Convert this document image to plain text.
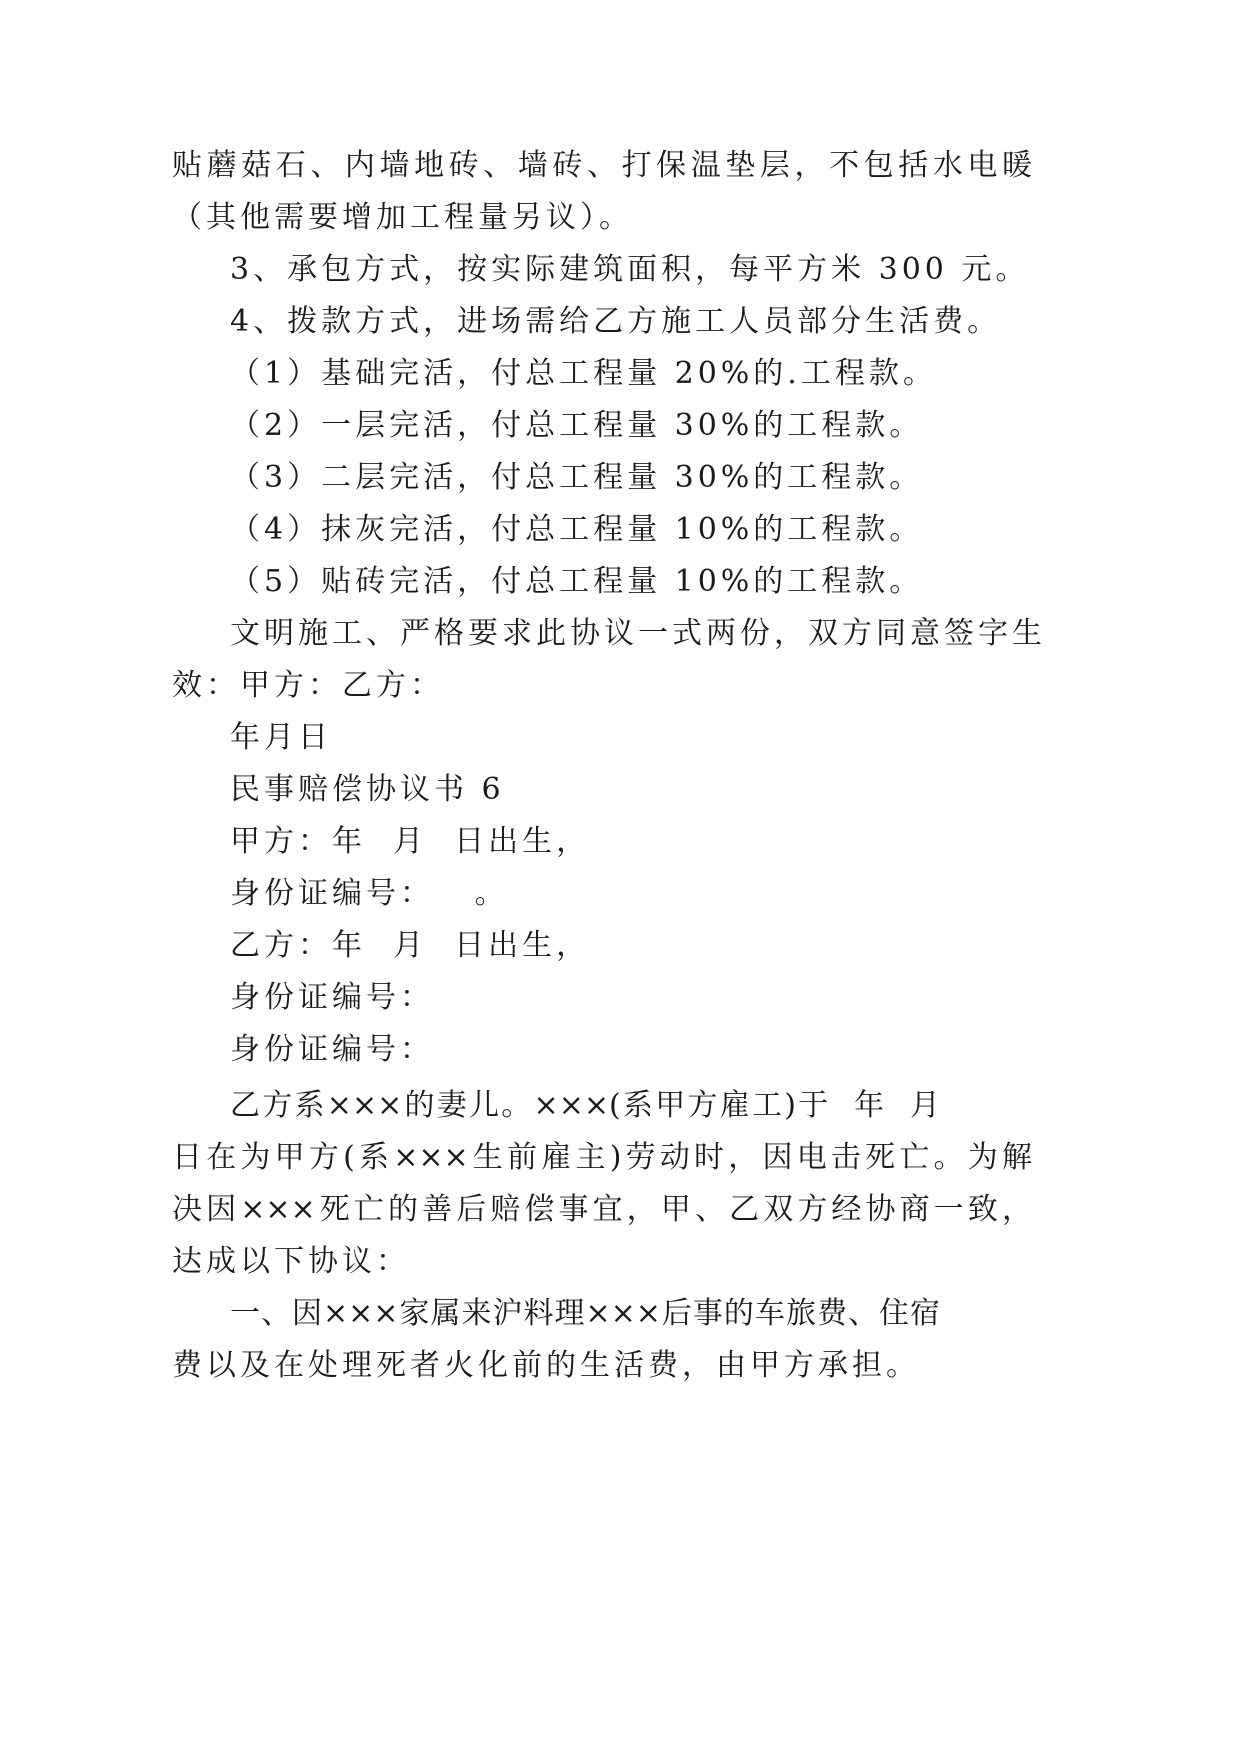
贴蘑菇石、内墙地砖、墙砖、打保温垫层，不包括水电暖
（其他需要增加工程量另议）。
3、承包方式，按实际建筑面积，每平方米 300 元。
4、拨款方式，进场需给乙方施工人员部分生活费。
（1）基础完活，付总工程量 20%的.工程款。
（2）一层完活，付总工程量 30%的工程款。
（3）二层完活，付总工程量 30%的工程款。
（4）抹灰完活，付总工程量 10%的工程款。
（5）贴砖完活，付总工程量 10%的工程款。
文明施工、严格要求此协议一式两份，双方同意签字生
效：甲方：乙方：
年月日
民事赔偿协议书 6
甲方：年  月  日出生，
身份证编号：   。
乙方：年  月  日出生，
身份证编号：
身份证编号：
乙方系×××的妻儿。×××(系甲方雇工)于  年  月
日在为甲方(系×××生前雇主)劳动时，因电击死亡。为解
决因×××死亡的善后赔偿事宜，甲、乙双方经协商一致，
达成以下协议：
一、因×××家属来沪料理×××后事的车旅费、住宿
费以及在处理死者火化前的生活费，由甲方承担。
